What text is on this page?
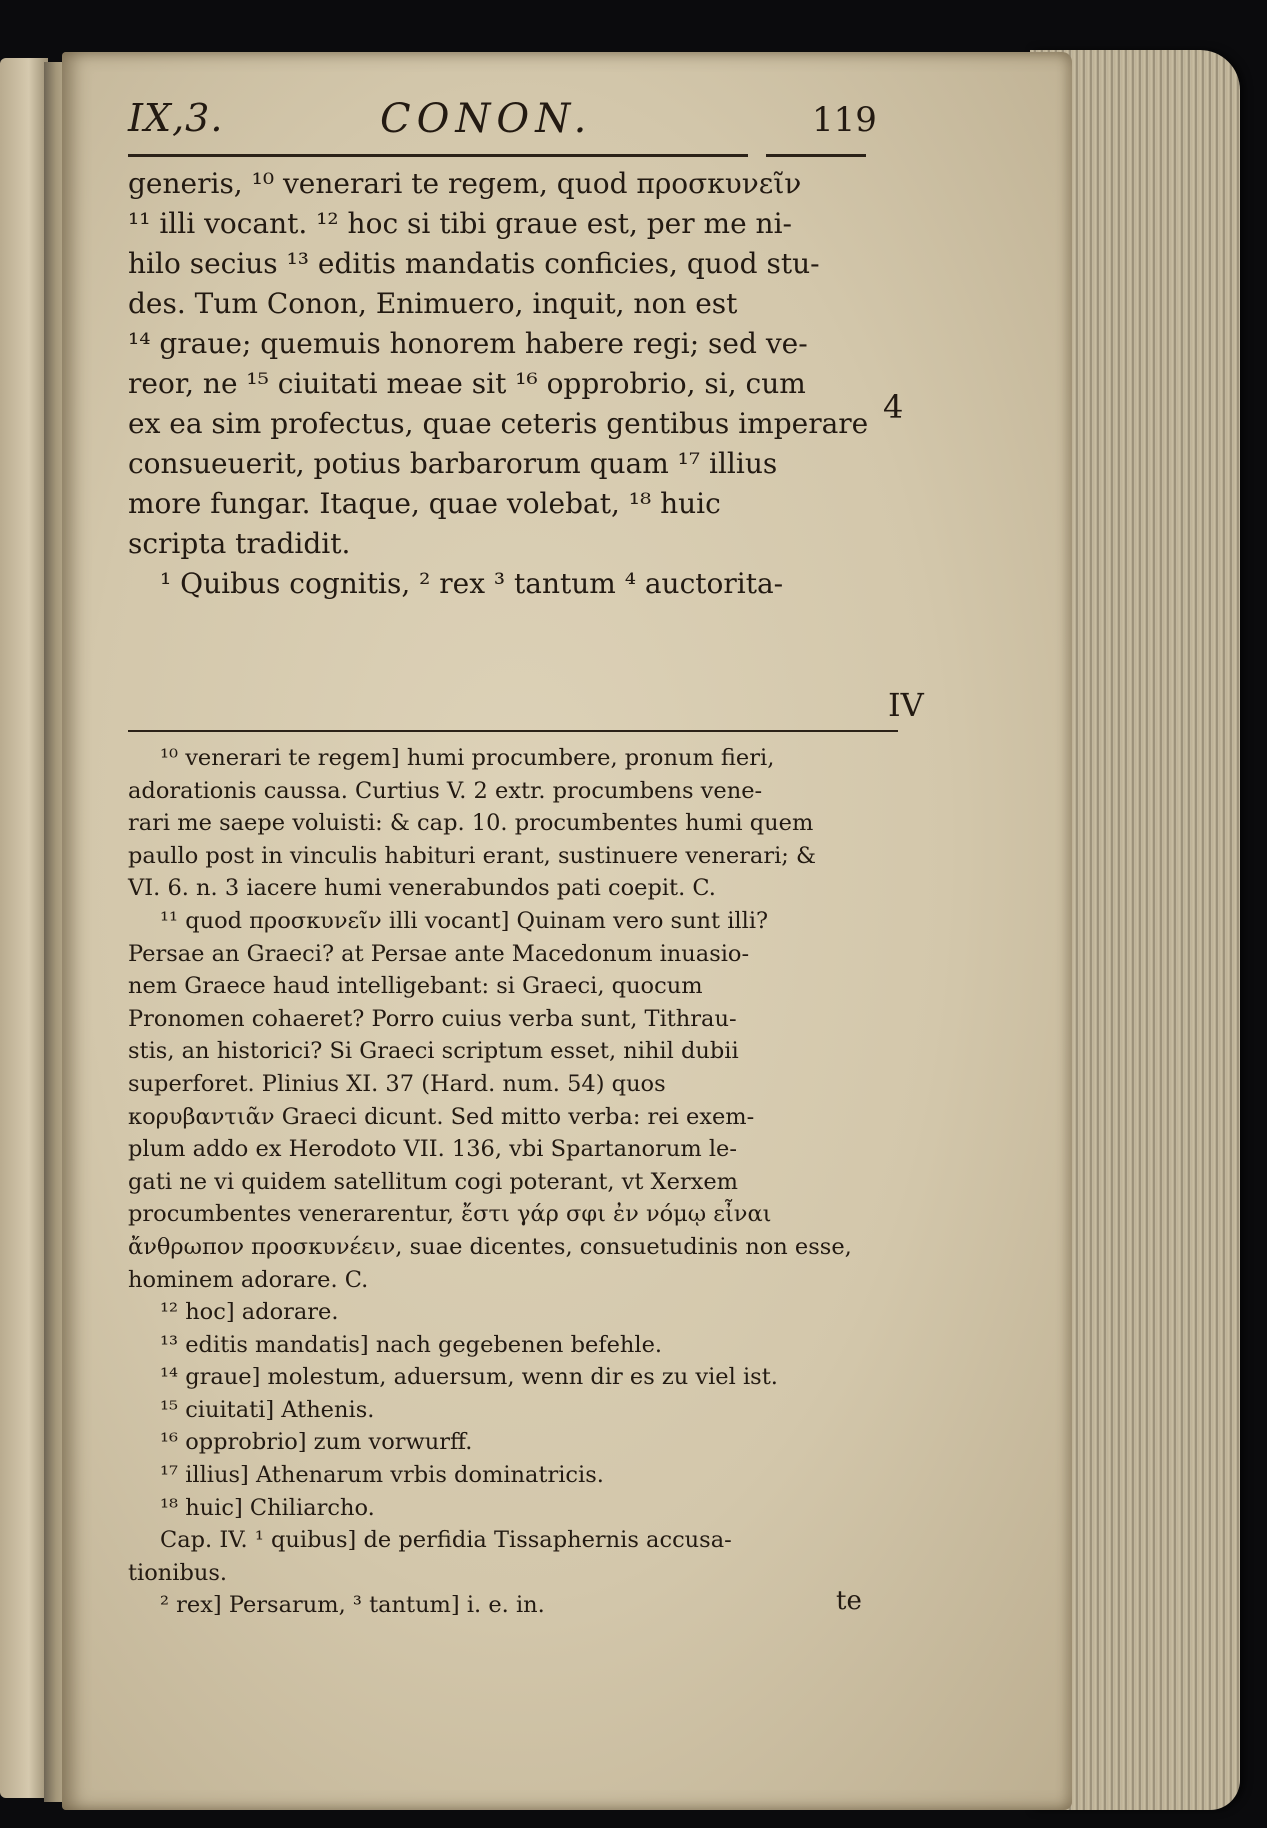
IX,3.	CONON.	119

generis, ¹⁰ venerari te regem, quod προσκυνεῖν

¹¹ illi vocant. ¹² hoc si tibi graue est, per me ni-

hilo secius ¹³ editis mandatis conficies, quod stu-

des. Tum Conon, Enimuero, inquit, non est

¹⁴ graue; quemuis honorem habere regi; sed ve-

reor, ne ¹⁵ ciuitati meae sit ¹⁶ opprobrio, si, cum

ex ea sim profectus, quae ceteris gentibus imperare

consueuerit, potius barbarorum quam ¹⁷ illius

more fungar. Itaque, quae volebat, ¹⁸ huic

scripta tradidit.

¹ Quibus cognitis, ² rex ³ tantum ⁴ auctorita-

4
IV

¹⁰ venerari te regem] humi procumbere, pronum fieri,

adorationis caussa. Curtius V. 2 extr. procumbens vene-

rari me saepe voluisti: & cap. 10. procumbentes humi quem

paullo post in vinculis habituri erant, sustinuere venerari; &

VI. 6. n. 3 iacere humi venerabundos pati coepit. C.

¹¹ quod προσκυνεῖν illi vocant] Quinam vero sunt illi?

Persae an Graeci? at Persae ante Macedonum inuasio-

nem Graece haud intelligebant: si Graeci, quocum

Pronomen cohaeret? Porro cuius verba sunt, Tithrau-

stis, an historici? Si Graeci scriptum esset, nihil dubii

superforet. Plinius XI. 37 (Hard. num. 54) quos

κορυβαντιᾶν Graeci dicunt. Sed mitto verba: rei exem-

plum addo ex Herodoto VII. 136, vbi Spartanorum le-

gati ne vi quidem satellitum cogi poterant, vt Xerxem

procumbentes venerarentur, ἔστι γάρ σφι ἐν νόμῳ εἶναι

ἄνθρωπον προσκυνέειν, suae dicentes, consuetudinis non esse,

hominem adorare. C.

¹² hoc] adorare.

¹³ editis mandatis] nach gegebenen befehle.

¹⁴ graue] molestum, aduersum, wenn dir es zu viel ist.

¹⁵ ciuitati] Athenis.

¹⁶ opprobrio] zum vorwurff.

¹⁷ illius] Athenarum vrbis dominatricis.

¹⁸ huic] Chiliarcho.

Cap. IV. ¹ quibus] de perfidia Tissaphernis accusa-

tionibus.

² rex] Persarum, ³ tantum] i. e. in.	te
